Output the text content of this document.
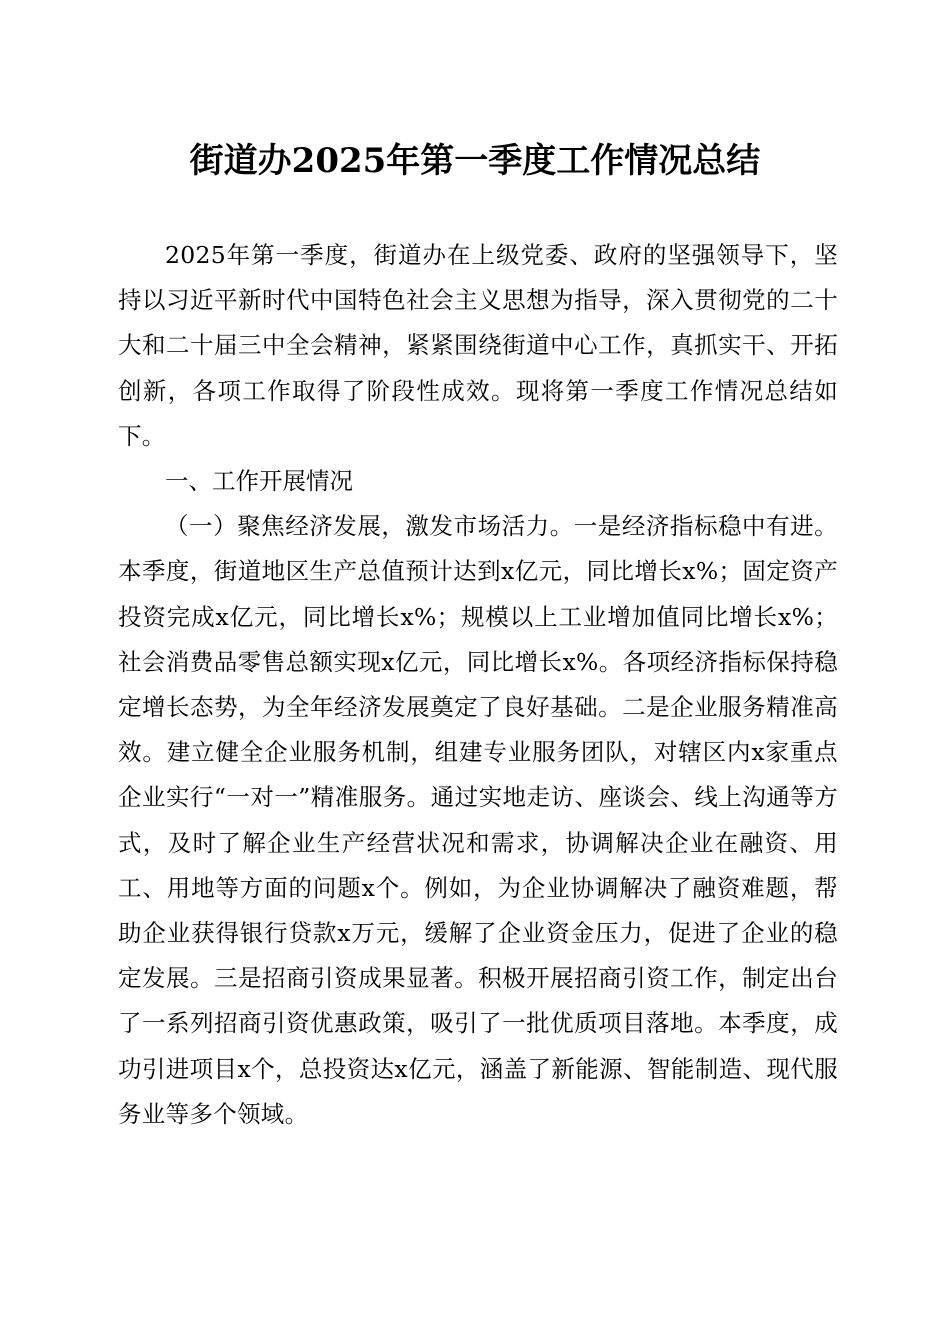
街道办2025年第一季度工作情况总结

2025年第一季度，街道办在上级党委、政府的坚强领导下，坚持以习近平新时代中国特色社会主义思想为指导，深入贯彻党的二十大和二十届三中全会精神，紧紧围绕街道中心工作，真抓实干、开拓创新，各项工作取得了阶段性成效。现将第一季度工作情况总结如下。

一、工作开展情况

（一）聚焦经济发展，激发市场活力。一是经济指标稳中有进。本季度，街道地区生产总值预计达到x亿元，同比增长x%；固定资产投资完成x亿元，同比增长x%；规模以上工业增加值同比增长x%；社会消费品零售总额实现x亿元，同比增长x%。各项经济指标保持稳定增长态势，为全年经济发展奠定了良好基础。二是企业服务精准高效。建立健全企业服务机制，组建专业服务团队，对辖区内x家重点企业实行“一对一”精准服务。通过实地走访、座谈会、线上沟通等方式，及时了解企业生产经营状况和需求，协调解决企业在融资、用工、用地等方面的问题x个。例如，为企业协调解决了融资难题，帮助企业获得银行贷款x万元，缓解了企业资金压力，促进了企业的稳定发展。三是招商引资成果显著。积极开展招商引资工作，制定出台了一系列招商引资优惠政策，吸引了一批优质项目落地。本季度，成功引进项目x个，总投资达x亿元，涵盖了新能源、智能制造、现代服务业等多个领域。
